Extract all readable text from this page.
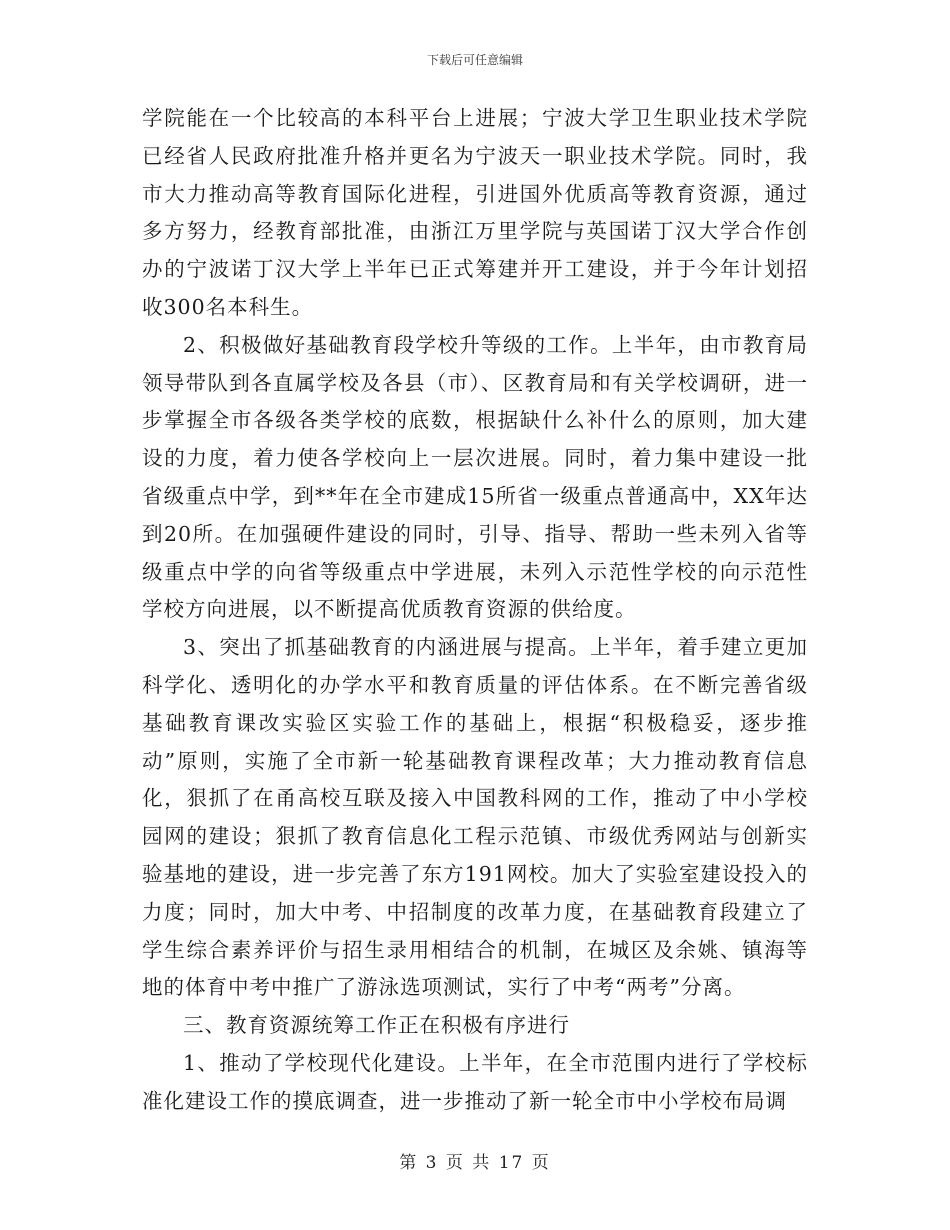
下载后可任意编辑

学院能在一个比较高的本科平台上进展；宁波大学卫生职业技术学院已经省人民政府批准升格并更名为宁波天一职业技术学院。同时，我市大力推动高等教育国际化进程，引进国外优质高等教育资源，通过多方努力，经教育部批准，由浙江万里学院与英国诺丁汉大学合作创办的宁波诺丁汉大学上半年已正式筹建并开工建设，并于今年计划招收300名本科生。

2、积极做好基础教育段学校升等级的工作。上半年，由市教育局领导带队到各直属学校及各县（市）、区教育局和有关学校调研，进一步掌握全市各级各类学校的底数，根据缺什么补什么的原则，加大建设的力度，着力使各学校向上一层次进展。同时，着力集中建设一批省级重点中学，到**年在全市建成15所省一级重点普通高中，XX年达到20所。在加强硬件建设的同时，引导、指导、帮助一些未列入省等级重点中学的向省等级重点中学进展，未列入示范性学校的向示范性学校方向进展，以不断提高优质教育资源的供给度。

3、突出了抓基础教育的内涵进展与提高。上半年，着手建立更加科学化、透明化的办学水平和教育质量的评估体系。在不断完善省级基础教育课改实验区实验工作的基础上，根据“积极稳妥，逐步推动”原则，实施了全市新一轮基础教育课程改革；大力推动教育信息化，狠抓了在甬高校互联及接入中国教科网的工作，推动了中小学校园网的建设；狠抓了教育信息化工程示范镇、市级优秀网站与创新实验基地的建设，进一步完善了东方191网校。加大了实验室建设投入的力度；同时，加大中考、中招制度的改革力度，在基础教育段建立了学生综合素养评价与招生录用相结合的机制，在城区及余姚、镇海等地的体育中考中推广了游泳选项测试，实行了中考“两考”分离。

三、教育资源统筹工作正在积极有序进行

1、推动了学校现代化建设。上半年，在全市范围内进行了学校标准化建设工作的摸底调查，进一步推动了新一轮全市中小学校布局调

第 3 页 共 17 页
